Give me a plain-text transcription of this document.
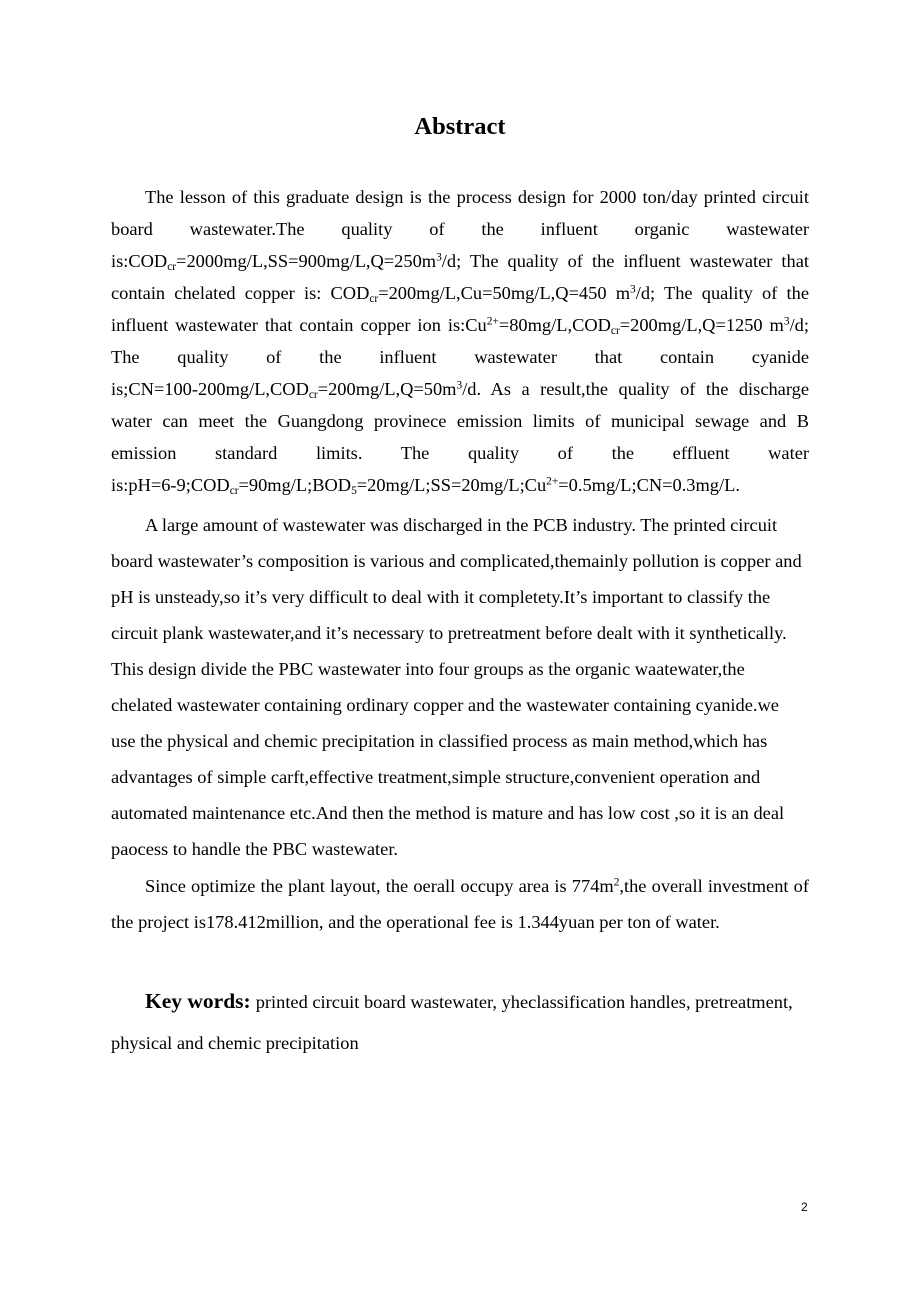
Abstract
The lesson of this graduate design is the process design for 2000 ton/day printed circuit
board wastewater.The quality of the influent organic wastewater
$is:COD_{cr}=2000mg/L,SS=900mg/L,Q=250m^3/d$; The quality of the influent wastewater that
contain chelated copper is: $COD_{cr}=200mg/L,Cu=50mg/L,Q=450$ $m^3/d$; The quality of the
influent wastewater that contain copper ion $is:Cu^{2+}=80mg/L,COD_{cr}=200mg/L,Q=1250$ $m^3/d$;
The quality of the influent wastewater that contain cyanide
$is;CN=100-200mg/L,COD_{cr}=200mg/L,Q=50m^3/d$. As a result,the quality of the discharge
water can meet the Guangdong provinece emission limits of municipal sewage and B
emission standard limits. The quality of the effluent water
$is:pH=6-9;COD_{cr}=90mg/L;BOD_5=20mg/L;SS=20mg/L;Cu^{2+}=0.5mg/L;CN=0.3mg/L$.
A large amount of wastewater was discharged in the PCB industry. The printed circuit
board wastewater’s composition is various and complicated,themainly pollution is copper and
pH is unsteady,so it’s very difficult to deal with it completety.It’s important to classify the
circuit plank wastewater,and it’s necessary to pretreatment before dealt with it synthetically.
This design divide the PBC wastewater into four groups as the organic waatewater,the
chelated wastewater containing ordinary copper and the wastewater containing cyanide.we
use the physical and chemic precipitation in classified process as main method,which has
advantages of simple carft,effective treatment,simple structure,convenient operation and
automated maintenance etc.And then the method is mature and has low cost ,so it is an deal
paocess to handle the PBC wastewater.
Since optimize the plant layout, the oerall occupy area is $774m^2,the$ overall investment of
the project is178.412million, and the operational fee is 1.344yuan per ton of water.
Key words: printed circuit board wastewater, yheclassification handles, pretreatment,
physical and chemic precipitation
2
